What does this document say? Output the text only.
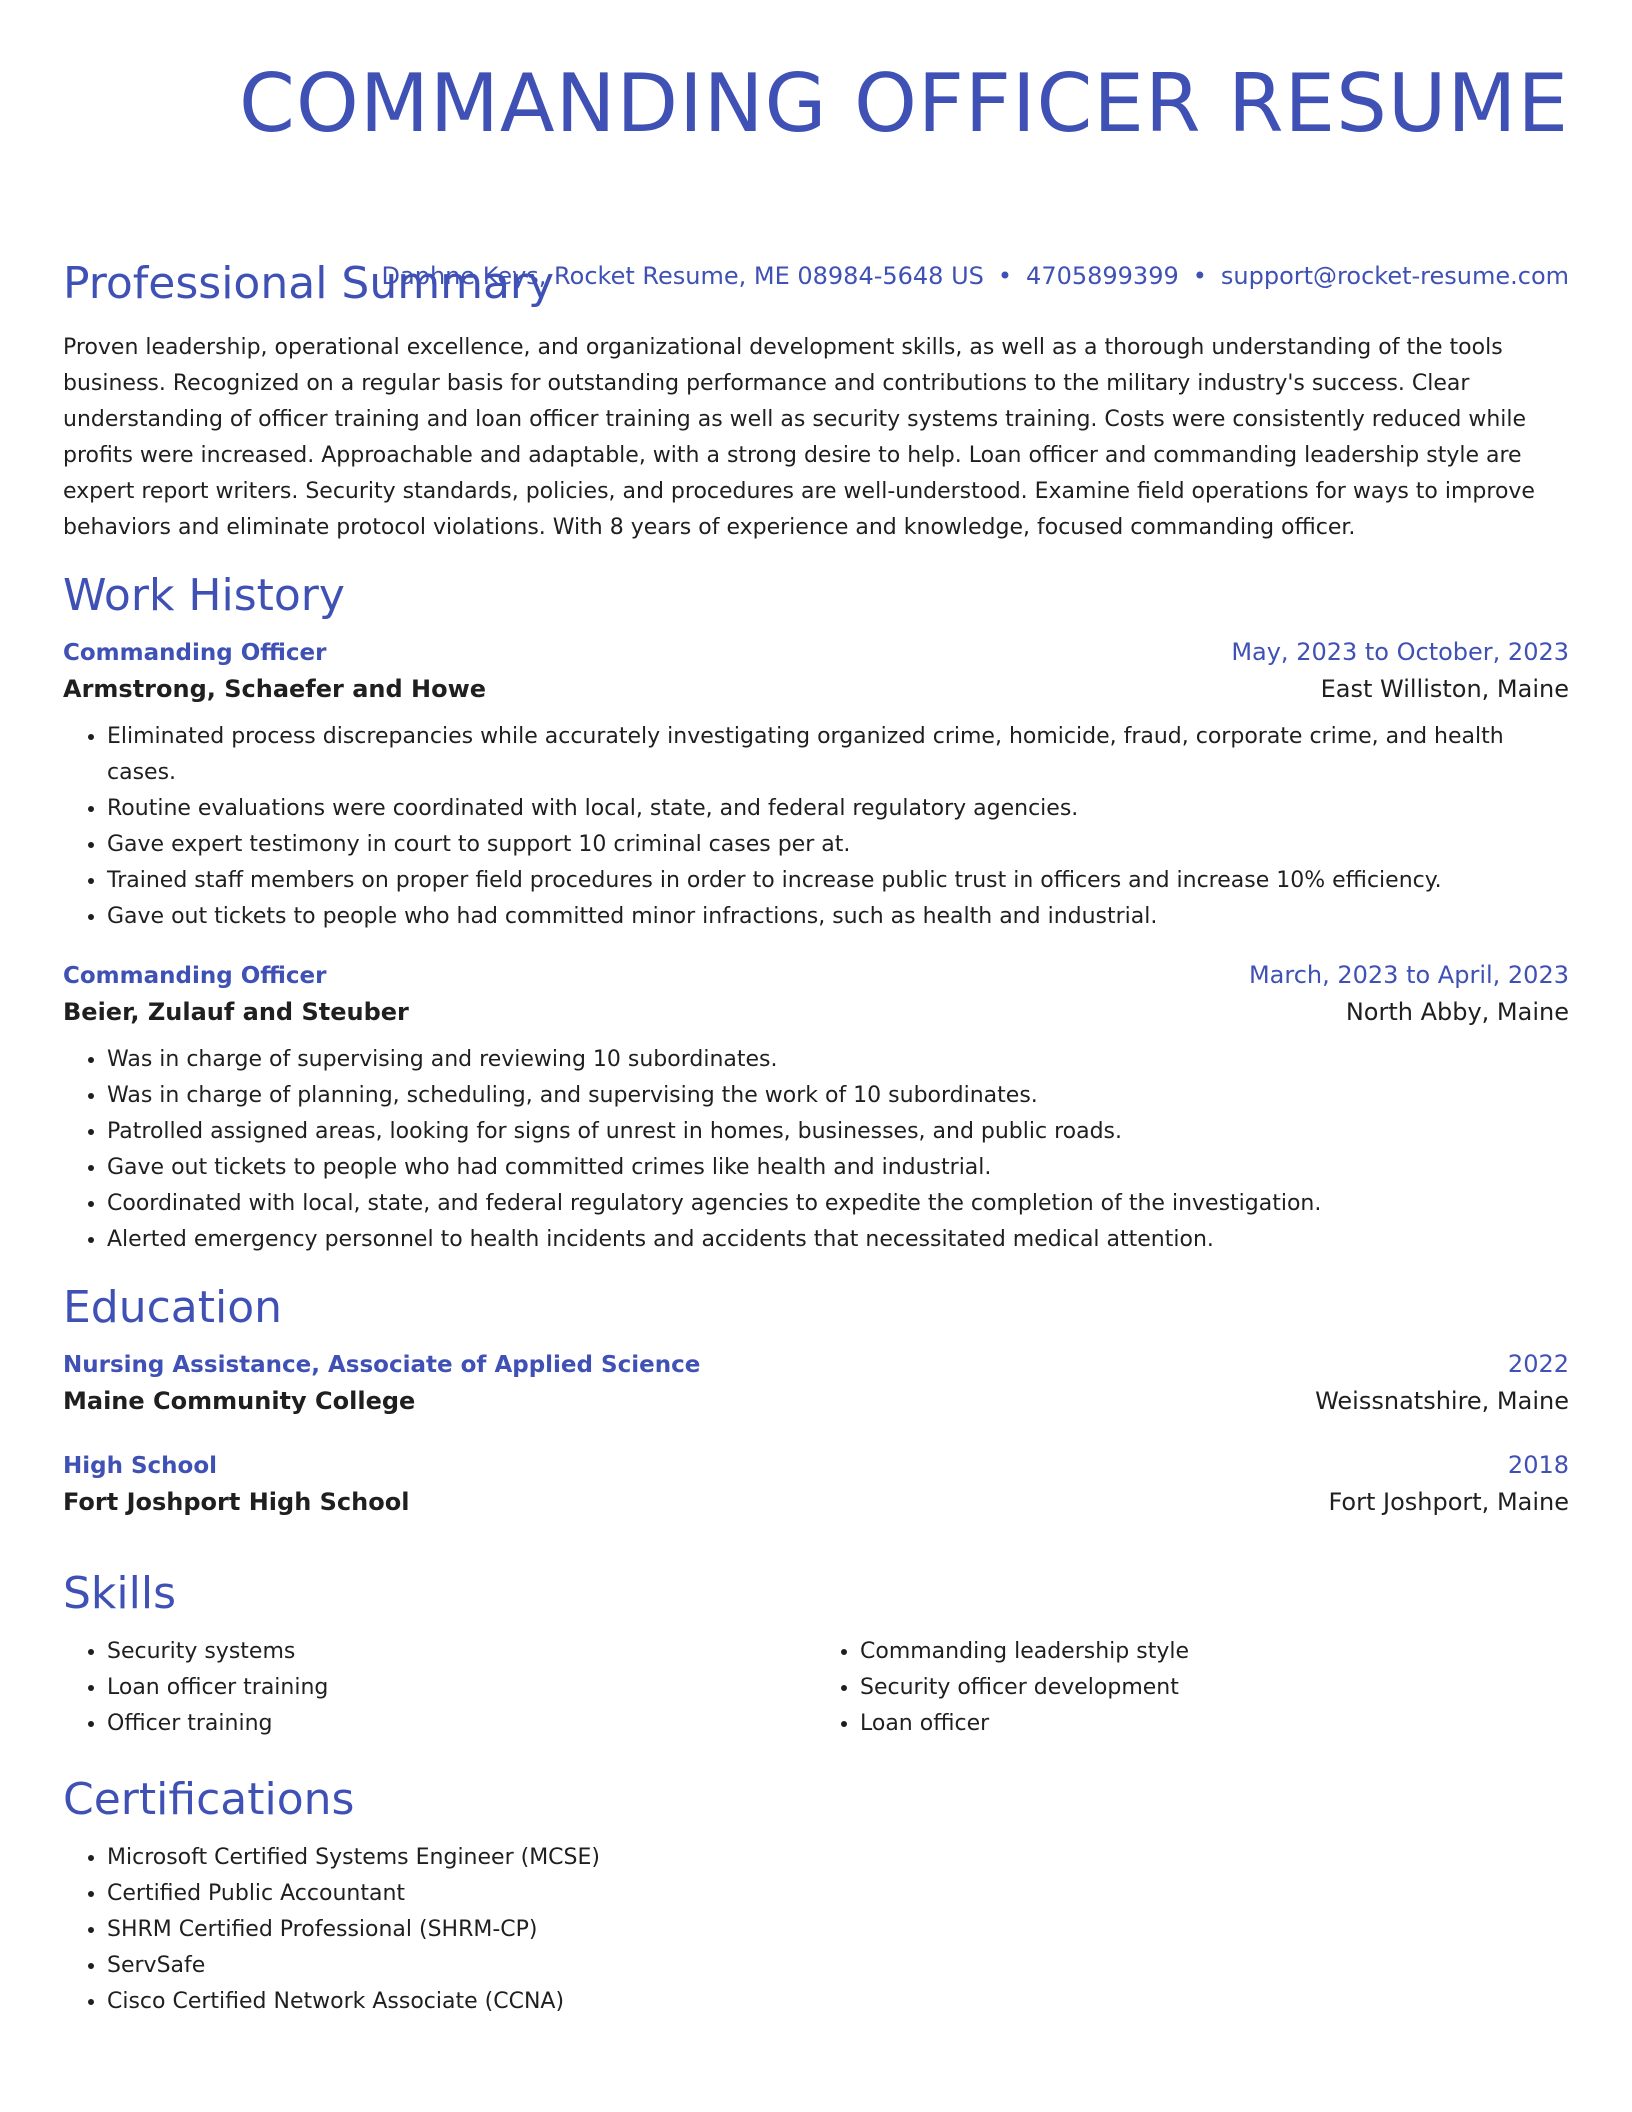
COMMANDING OFFICER RESUME
Daphne Keys, Rocket Resume, ME 08984-5648 US • 4705899399 • support@rocket-resume.com
Professional Summary
Proven leadership, operational excellence, and organizational development skills, as well as a thorough understanding of the tools business. Recognized on a regular basis for outstanding performance and contributions to the military industry's success. Clear understanding of officer training and loan officer training as well as security systems training. Costs were consistently reduced while profits were increased. Approachable and adaptable, with a strong desire to help. Loan officer and commanding leadership style are expert report writers. Security standards, policies, and procedures are well-understood. Examine field operations for ways to improve behaviors and eliminate protocol violations. With 8 years of experience and knowledge, focused commanding officer.
Work History
Commanding Officer	May, 2023 to October, 2023
Armstrong, Schaefer and Howe	East Williston, Maine
• Eliminated process discrepancies while accurately investigating organized crime, homicide, fraud, corporate crime, and health cases.
• Routine evaluations were coordinated with local, state, and federal regulatory agencies.
• Gave expert testimony in court to support 10 criminal cases per at.
• Trained staff members on proper field procedures in order to increase public trust in officers and increase 10% efficiency.
• Gave out tickets to people who had committed minor infractions, such as health and industrial.
Commanding Officer	March, 2023 to April, 2023
Beier, Zulauf and Steuber	North Abby, Maine
• Was in charge of supervising and reviewing 10 subordinates.
• Was in charge of planning, scheduling, and supervising the work of 10 subordinates.
• Patrolled assigned areas, looking for signs of unrest in homes, businesses, and public roads.
• Gave out tickets to people who had committed crimes like health and industrial.
• Coordinated with local, state, and federal regulatory agencies to expedite the completion of the investigation.
• Alerted emergency personnel to health incidents and accidents that necessitated medical attention.
Education
Nursing Assistance, Associate of Applied Science	2022
Maine Community College	Weissnatshire, Maine
High School	2018
Fort Joshport High School	Fort Joshport, Maine
Skills
• Security systems
• Loan officer training
• Officer training
• Commanding leadership style
• Security officer development
• Loan officer
Certifications
• Microsoft Certified Systems Engineer (MCSE)
• Certified Public Accountant
• SHRM Certified Professional (SHRM-CP)
• ServSafe
• Cisco Certified Network Associate (CCNA)
